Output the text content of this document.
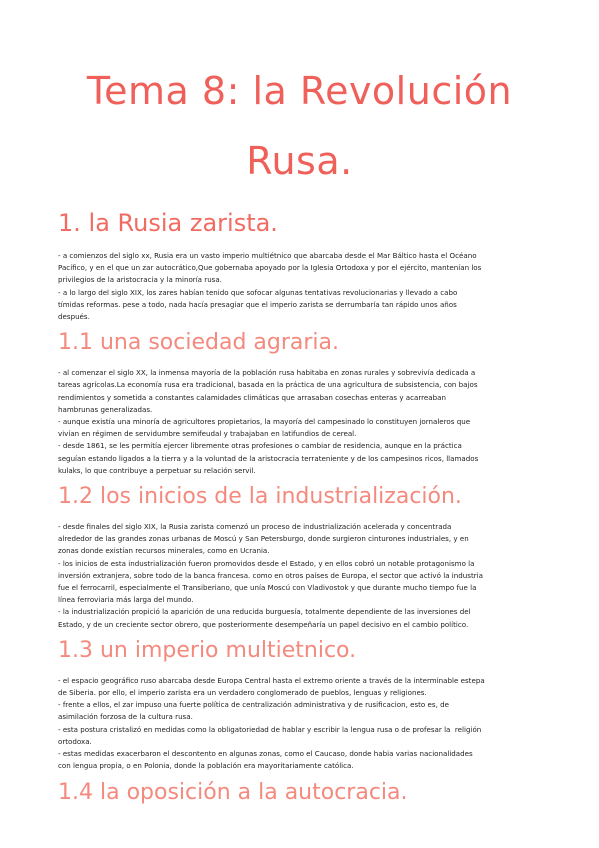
Tema 8: la Revolución
Rusa.
1. la Rusia zarista.
- a comienzos del siglo xx, Rusia era un vasto imperio multiétnico que abarcaba desde el Mar Báltico hasta el Océano
Pacífico, y en el que un zar autocrático,Que gobernaba apoyado por la Iglesia Ortodoxa y por el ejército, mantenían los
privilegios de la aristocracia y la minoría rusa.
- a lo largo del siglo XIX, los zares habían tenido que sofocar algunas tentativas revolucionarias y llevado a cabo
tímidas reformas. pese a todo, nada hacía presagiar que el imperio zarista se derrumbaría tan rápido unos años
después.
1.1 una sociedad agraria.
- al comenzar el siglo XX, la inmensa mayoría de la población rusa habitaba en zonas rurales y sobrevivía dedicada a
tareas agrícolas.La economía rusa era tradicional, basada en la práctica de una agricultura de subsistencia, con bajos
rendimientos y sometida a constantes calamidades climáticas que arrasaban cosechas enteras y acarreaban
hambrunas generalizadas.
- aunque existía una minoría de agricultores propietarios, la mayoría del campesinado lo constituyen jornaleros que
vivían en régimen de servidumbre semifeudal y trabajaban en latifundios de cereal.
- desde 1861, se les permitía ejercer libremente otras profesiones o cambiar de residencia, aunque en la práctica
seguían estando ligados a la tierra y a la voluntad de la aristocracia terrateniente y de los campesinos ricos, llamados
kulaks, lo que contribuye a perpetuar su relación servil.
1.2 los inicios de la industrialización.
- desde finales del siglo XIX, la Rusia zarista comenzó un proceso de industrialización acelerada y concentrada
alrededor de las grandes zonas urbanas de Moscú y San Petersburgo, donde surgieron cinturones industriales, y en
zonas donde existían recursos minerales, como en Ucrania.
- los inicios de esta industrialización fueron promovidos desde el Estado, y en ellos cobró un notable protagonismo la
inversión extranjera, sobre todo de la banca francesa. como en otros países de Europa, el sector que activó la industria
fue el ferrocarril, especialmente el Transiberiano, que unía Moscú con Vladivostok y que durante mucho tiempo fue la
línea ferroviaria más larga del mundo.
- la industrialización propició la aparición de una reducida burguesía, totalmente dependiente de las inversiones del
Estado, y de un creciente sector obrero, que posteriormente desempeñaría un papel decisivo en el cambio político.
1.3 un imperio multietnico.
- el espacio geográfico ruso abarcaba desde Europa Central hasta el extremo oriente a través de la interminable estepa
de Siberia. por ello, el imperio zarista era un verdadero conglomerado de pueblos, lenguas y religiones.
- frente a ellos, el zar impuso una fuerte política de centralización administrativa y de rusificacion, esto es, de
asimilación forzosa de la cultura rusa.
- esta postura cristalizó en medidas como la obligatoriedad de hablar y escribir la lengua rusa o de profesar la  religión
ortodoxa.
- estas medidas exacerbaron el descontento en algunas zonas, como el Caucaso, donde habia varias nacionalidades
con lengua propia, o en Polonia, donde la población era mayoritariamente católica.
1.4 la oposición a la autocracia.
